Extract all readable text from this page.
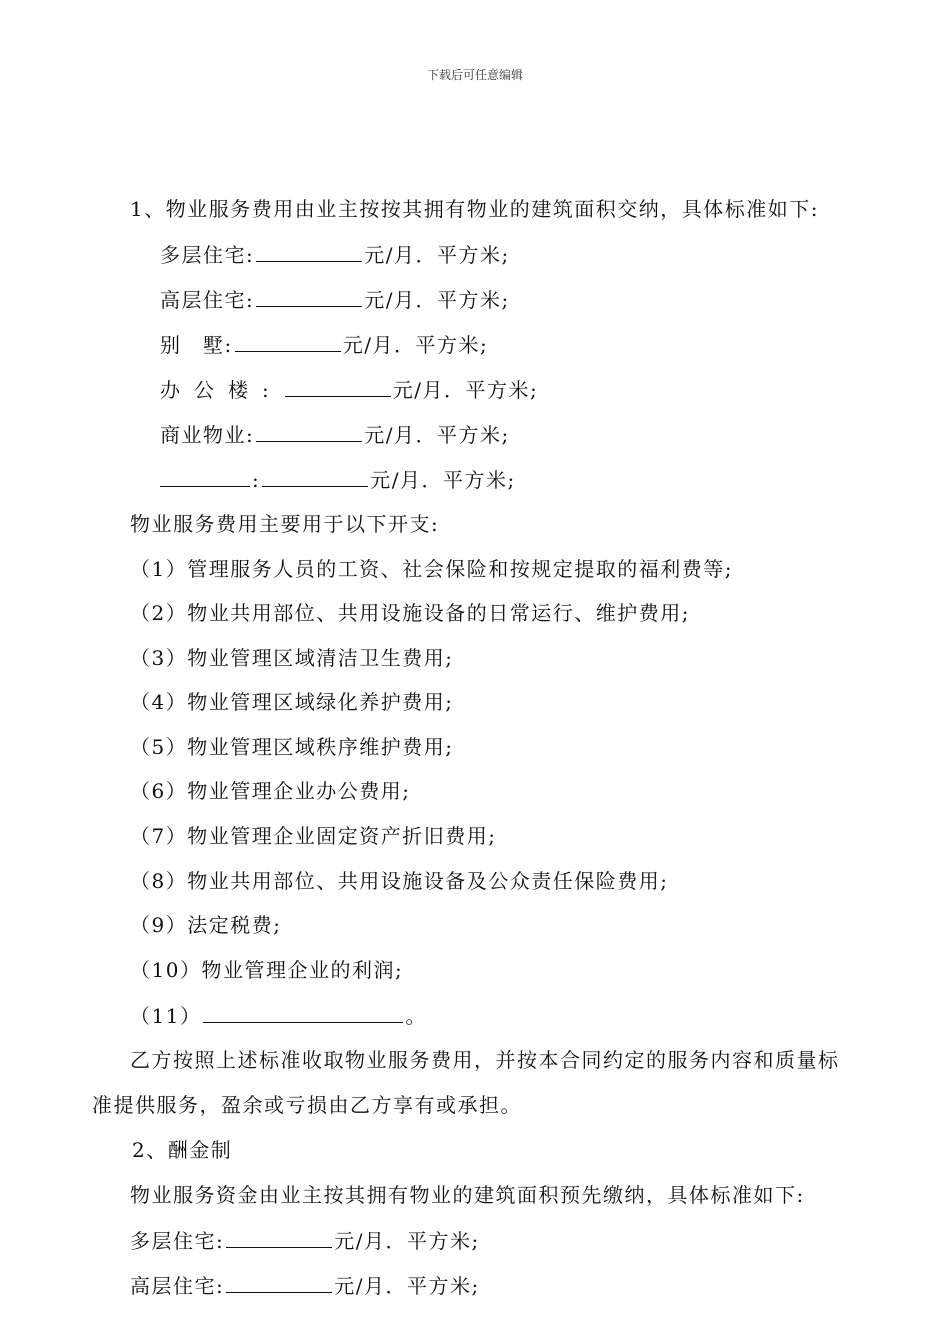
下载后可任意编辑
1、物业服务费用由业主按按其拥有物业的建筑面积交纳，具体标准如下:
多层住宅:	元/月．平方米;
高层住宅:	元/月．平方米;
别　墅:	元/月．平方米;
办公楼:	元/月．平方米;
商业物业:	元/月．平方米;
:	元/月．平方米;
物业服务费用主要用于以下开支:
（1）管理服务人员的工资、社会保险和按规定提取的福利费等;
（2）物业共用部位、共用设施设备的日常运行、维护费用;
（3）物业管理区域清洁卫生费用;
（4）物业管理区域绿化养护费用;
（5）物业管理区域秩序维护费用;
（6）物业管理企业办公费用;
（7）物业管理企业固定资产折旧费用;
（8）物业共用部位、共用设施设备及公众责任保险费用;
（9）法定税费;
（10）物业管理企业的利润;
（11）	。
乙方按照上述标准收取物业服务费用，并按本合同约定的服务内容和质量标
准提供服务，盈余或亏损由乙方享有或承担。
2、酬金制
物业服务资金由业主按其拥有物业的建筑面积预先缴纳，具体标准如下:
多层住宅:	元/月．平方米;
高层住宅:	元/月．平方米;
